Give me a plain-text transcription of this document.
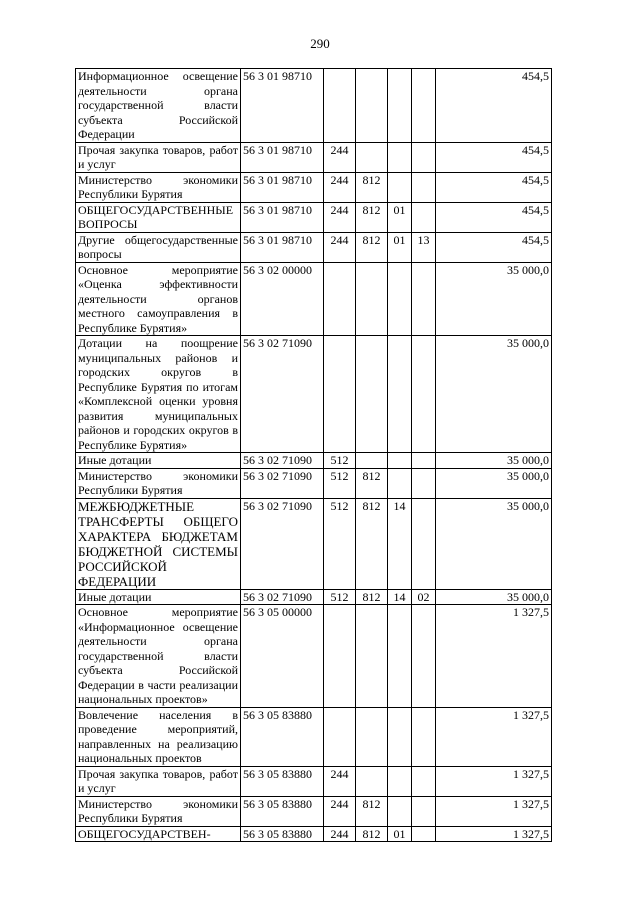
290
Информационное освещение деятельности органа государственной власти субъекта Российской Федерации	56 3 01 98710					454,5
Прочая закупка товаров, работ и услуг	56 3 01 98710	244				454,5
Министерство экономики Республики Бурятия	56 3 01 98710	244	812			454,5
ОБЩЕГОСУДАРСТВЕННЫЕ ВОПРОСЫ	56 3 01 98710	244	812	01		454,5
Другие общегосударственные вопросы	56 3 01 98710	244	812	01	13	454,5
Основное мероприятие «Оценка эффективности деятельности органов местного самоуправления в Республике Бурятия»	56 3 02 00000					35 000,0
Дотации на поощрение муниципальных районов и городских округов в Республике Бурятия по итогам «Комплексной оценки уровня развития муниципальных районов и городских округов в Республике Бурятия»	56 3 02 71090					35 000,0
Иные дотации	56 3 02 71090	512				35 000,0
Министерство экономики Республики Бурятия	56 3 02 71090	512	812			35 000,0
МЕЖБЮДЖЕТНЫЕ ТРАНСФЕРТЫ ОБЩЕГО ХАРАКТЕРА БЮДЖЕТАМ БЮДЖЕТНОЙ СИСТЕМЫ РОССИЙСКОЙ ФЕДЕРАЦИИ	56 3 02 71090	512	812	14		35 000,0
Иные дотации	56 3 02 71090	512	812	14	02	35 000,0
Основное мероприятие «Информационное освещение деятельности органа государственной власти субъекта Российской Федерации в части реализации национальных проектов»	56 3 05 00000					1 327,5
Вовлечение населения в проведение мероприятий, направленных на реализацию национальных проектов	56 3 05 83880					1 327,5
Прочая закупка товаров, работ и услуг	56 3 05 83880	244				1 327,5
Министерство экономики Республики Бурятия	56 3 05 83880	244	812			1 327,5
ОБЩЕГОСУДАРСТВЕН-	56 3 05 83880	244	812	01		1 327,5
